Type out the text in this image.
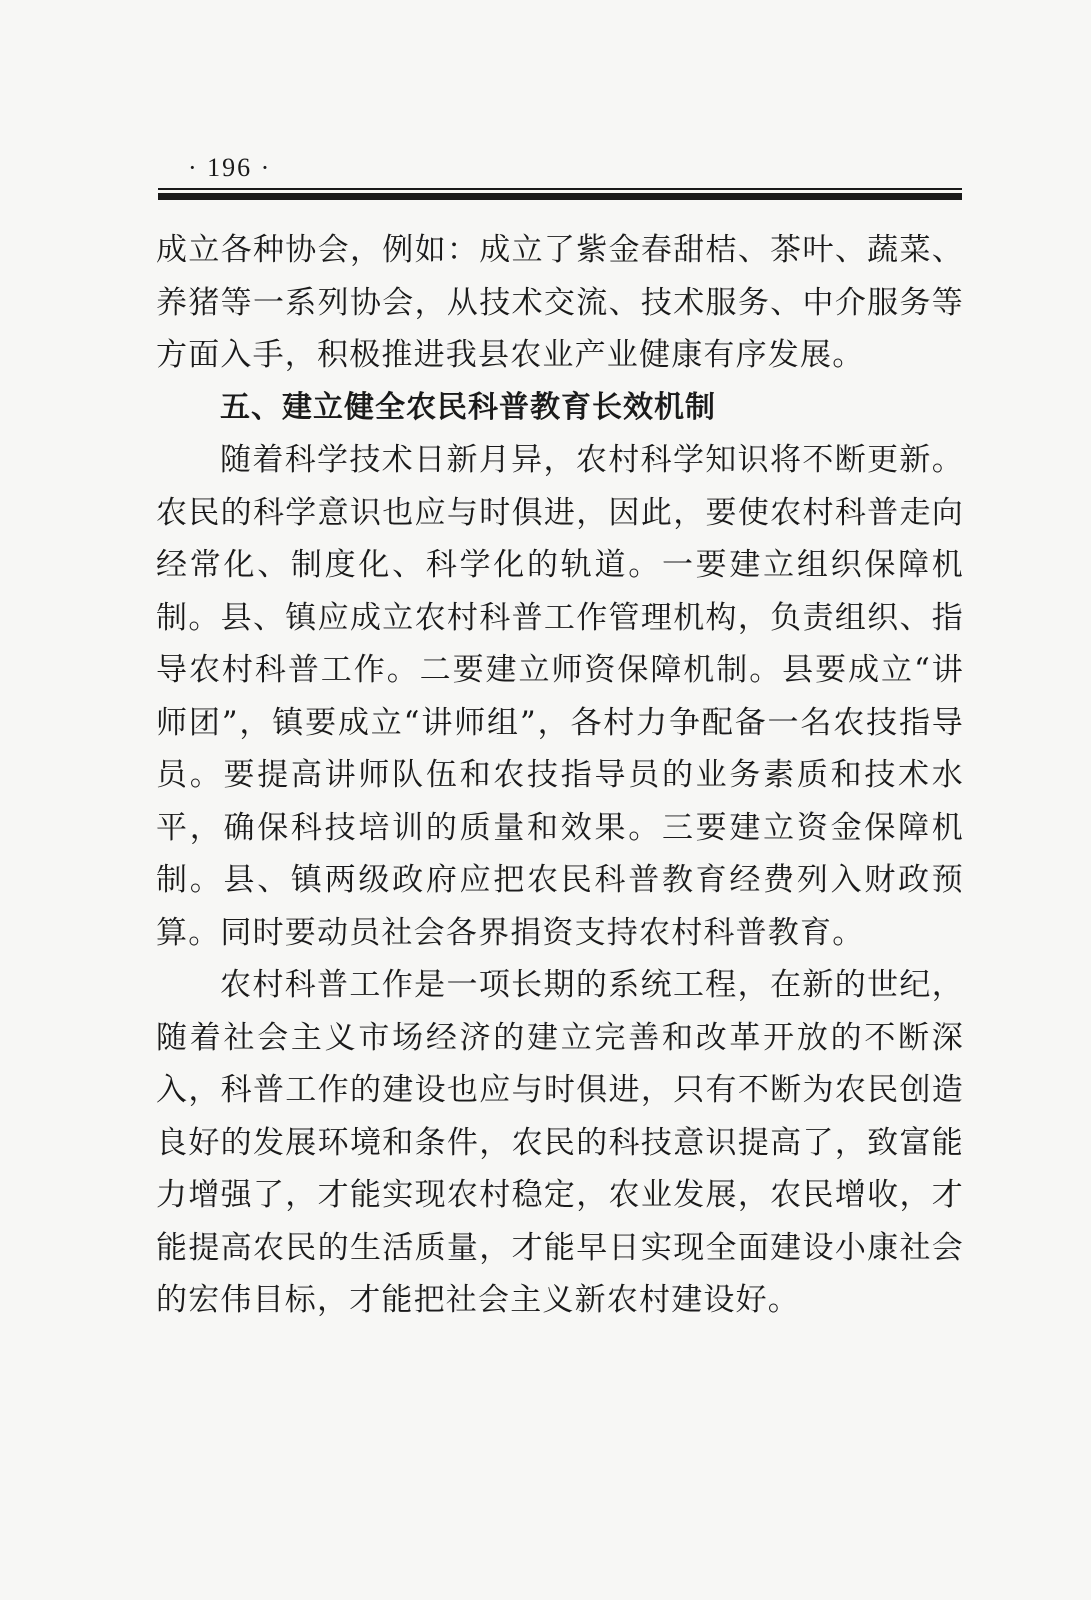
· 196 ·

成立各种协会，例如：成立了紫金春甜桔、茶叶、蔬菜、养猪等一系列协会，从技术交流、技术服务、中介服务等方面入手，积极推进我县农业产业健康有序发展。

五、建立健全农民科普教育长效机制

随着科学技术日新月异，农村科学知识将不断更新。农民的科学意识也应与时俱进，因此，要使农村科普走向经常化、制度化、科学化的轨道。一要建立组织保障机制。县、镇应成立农村科普工作管理机构，负责组织、指导农村科普工作。二要建立师资保障机制。县要成立“讲师团”，镇要成立“讲师组”，各村力争配备一名农技指导员。要提高讲师队伍和农技指导员的业务素质和技术水平，确保科技培训的质量和效果。三要建立资金保障机制。县、镇两级政府应把农民科普教育经费列入财政预算。同时要动员社会各界捐资支持农村科普教育。

农村科普工作是一项长期的系统工程，在新的世纪，随着社会主义市场经济的建立完善和改革开放的不断深入，科普工作的建设也应与时俱进，只有不断为农民创造良好的发展环境和条件，农民的科技意识提高了，致富能力增强了，才能实现农村稳定，农业发展，农民增收，才能提高农民的生活质量，才能早日实现全面建设小康社会的宏伟目标，才能把社会主义新农村建设好。
